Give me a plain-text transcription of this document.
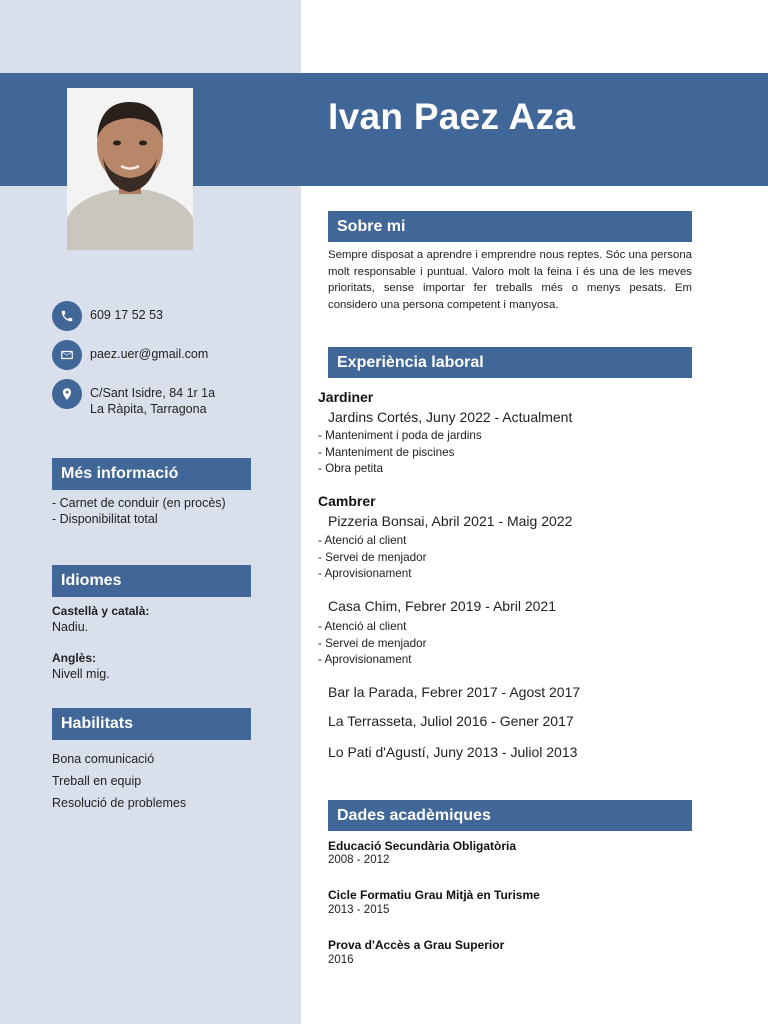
Ivan Paez Aza
609 17 52 53
paez.uer@gmail.com
C/Sant Isidre, 84 1r 1a
La Ràpita, Tarragona
Més informació
- Carnet de conduir (en procès)
- Disponibilitat total
Idiomes
Castellà y català:
Nadiu.
Anglès:
Nivell mig.
Habilitats
Bona comunicació
Treball en equip
Resolució de problemes
Sobre mi
Sempre disposat a aprendre i emprendre nous reptes. Sóc una persona molt responsable i puntual. Valoro molt la feina i és una de les meves prioritats, sense importar fer treballs més o menys pesats. Em considero una persona competent i manyosa.
Experiència laboral
Jardiner
Jardins Cortés, Juny 2022 - Actualment
- Manteniment i poda de jardins
- Manteniment de piscines
- Obra petita
Cambrer
Pizzeria Bonsai, Abril 2021 - Maig 2022
- Atenció al client
- Servei de menjador
- Aprovisionament
Casa Chim, Febrer 2019 - Abril 2021
- Atenció al client
- Servei de menjador
- Aprovisionament
Bar la Parada, Febrer 2017 - Agost 2017
La Terrasseta, Juliol 2016 - Gener 2017
Lo Pati d'Agustí, Juny 2013 - Juliol 2013
Dades acadèmiques
Educació Secundària Obligatòria
2008 - 2012
Cicle Formatiu Grau Mitjà en Turisme
2013 - 2015
Prova d'Accès a Grau Superior
2016
